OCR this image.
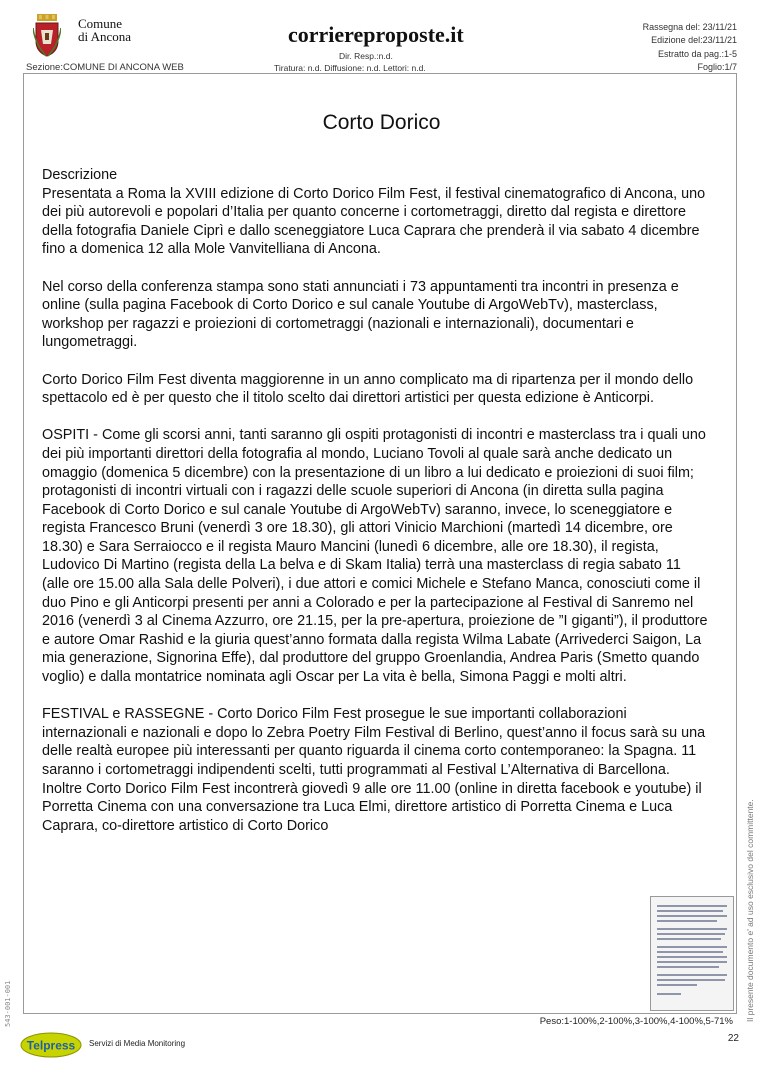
Comune
di Ancona
Sezione:COMUNE DI ANCONA WEB
corriereproposte.it
Dir. Resp.:n.d.
Tiratura: n.d. Diffusione: n.d. Lettori: n.d.
Rassegna del: 23/11/21
Edizione del:23/11/21
Estratto da pag.:1-5
Foglio:1/7
Corto Dorico
Descrizione

Presentata a Roma la XVIII edizione di Corto Dorico Film Fest, il festival cinematografico di Ancona, uno dei più autorevoli e popolari d’Italia per quanto concerne i cortometraggi, diretto dal regista e direttore della fotografia Daniele Ciprì e dallo sceneggiatore Luca Caprara che prenderà il via sabato 4 dicembre fino a domenica 12 alla Mole Vanvitelliana di Ancona.

Nel corso della conferenza stampa sono stati annunciati i 73 appuntamenti tra incontri in presenza e online (sulla pagina Facebook di Corto Dorico e sul canale Youtube di ArgoWebTv), masterclass, workshop per ragazzi e proiezioni di cortometraggi (nazionali e internazionali), documentari e lungometraggi.

Corto Dorico Film Fest diventa maggiorenne in un anno complicato ma di ripartenza per il mondo dello spettacolo ed è per questo che il titolo scelto dai direttori artistici per questa edizione è Anticorpi.

OSPITI - Come gli scorsi anni, tanti saranno gli ospiti protagonisti di incontri e masterclass tra i quali uno dei più importanti direttori della fotografia al mondo, Luciano Tovoli al quale sarà anche dedicato un omaggio (domenica 5 dicembre) con la presentazione di un libro a lui dedicato e proiezioni di suoi film; protagonisti di incontri virtuali con i ragazzi delle scuole superiori di Ancona (in diretta sulla pagina Facebook di Corto Dorico e sul canale Youtube di ArgoWebTv) saranno, invece, lo sceneggiatore e regista Francesco Bruni (venerdì 3 ore 18.30), gli attori Vinicio Marchioni (martedì 14 dicembre, ore 18.30) e Sara Serraiocco e il regista Mauro Mancini (lunedì 6 dicembre, alle ore 18.30), il regista, Ludovico Di Martino (regista della La belva e di Skam Italia) terrà una masterclass di regia sabato 11 (alle ore 15.00 alla Sala delle Polveri), i due attori e comici Michele e Stefano Manca, conosciuti come il duo Pino e gli Anticorpi presenti per anni a Colorado e per la partecipazione al Festival di Sanremo nel 2016 (venerdì 3 al Cinema Azzurro, ore 21.15, per la pre-apertura, proiezione de ”I giganti”), il produttore e autore Omar Rashid e la giuria quest’anno formata dalla regista Wilma Labate (Arrivederci Saigon, La mia generazione, Signorina Effe), dal produttore del gruppo Groenlandia, Andrea Paris (Smetto quando voglio) e dalla montatrice nominata agli Oscar per La vita è bella, Simona Paggi e molti altri.

FESTIVAL e RASSEGNE - Corto Dorico Film Fest prosegue le sue importanti collaborazioni internazionali e nazionali e dopo lo Zebra Poetry Film Festival di Berlino, quest’anno il focus sarà su una delle realtà europee più interessanti per quanto riguarda il cinema corto contemporaneo: la Spagna. 11 saranno i cortometraggi indipendenti scelti, tutti programmati al Festival L’Alternativa di Barcellona. Inoltre Corto Dorico Film Fest incontrerà giovedì 9 alle ore 11.00 (online in diretta facebook e youtube) il Porretta Cinema con una conversazione tra Luca Elmi, direttore artistico di Porretta Cinema e Luca Caprara, co-direttore artistico di Corto Dorico

Peso:1-100%,2-100%,3-100%,4-100%,5-71% Il presente documento e' ad uso esclusivo del committente.
543-001-001
22
Telpress Servizi di Media Monitoring
